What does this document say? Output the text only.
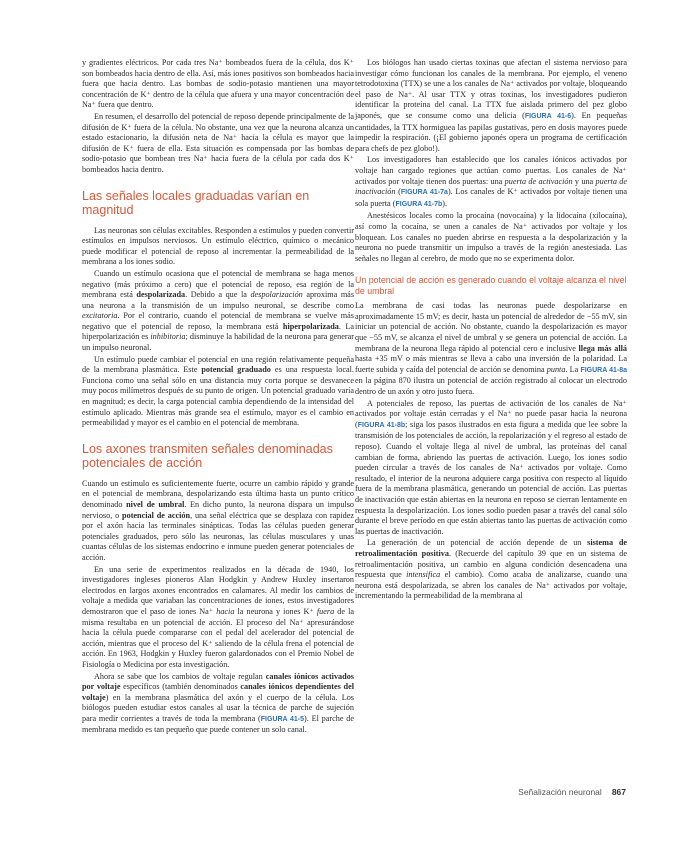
y gradientes eléctricos. Por cada tres Na⁺ bombeados fuera de la célula, dos K⁺ son bombeados hacia dentro de ella. Así, más iones positivos son bombeados hacia fuera que hacia dentro. Las bombas de sodio-potasio mantienen una mayor concentración de K⁺ dentro de la célula que afuera y una mayor concentración de Na⁺ fuera que dentro.

En resumen, el desarrollo del potencial de reposo depende principalmente de la difusión de K⁺ fuera de la célula. No obstante, una vez que la neurona alcanza un estado estacionario, la difusión neta de Na⁺ hacia la célula es mayor que la difusión de K⁺ fuera de ella. Esta situación es compensada por las bombas de sodio-potasio que bombean tres Na⁺ hacia fuera de la célula por cada dos K⁺ bombeados hacia dentro.

Las señales locales graduadas varían en magnitud

Las neuronas son células excitables. Responden a estímulos y pueden convertir estímulos en impulsos nerviosos. Un estímulo eléctrico, químico o mecánico puede modificar el potencial de reposo al incrementar la permeabilidad de la membrana a los iones sodio.

Cuando un estímulo ocasiona que el potencial de membrana se haga menos negativo (más próximo a cero) que el potencial de reposo, esa región de la membrana está despolarizada. Debido a que la despolarización aproxima más una neurona a la transmisión de un impulso neuronal, se describe como excitatoria. Por el contrario, cuando el potencial de membrana se vuelve más negativo que el potencial de reposo, la membrana está hiperpolarizada. La hiperpolarización es inhibitoria; disminuye la habilidad de la neurona para generar un impulso neuronal.

Un estímulo puede cambiar el potencial en una región relativamente pequeña de la membrana plasmática. Este potencial graduado es una respuesta local. Funciona como una señal sólo en una distancia muy corta porque se desvanece muy pocos milímetros después de su punto de origen. Un potencial graduado varía en magnitud; es decir, la carga potencial cambia dependiendo de la intensidad del estímulo aplicado. Mientras más grande sea el estímulo, mayor es el cambio en permeabilidad y mayor es el cambio en el potencial de membrana.

Los axones transmiten señales denominadas potenciales de acción

Cuando un estímulo es suficientemente fuerte, ocurre un cambio rápido y grande en el potencial de membrana, despolarizando esta última hasta un punto crítico denominado nivel de umbral. En dicho punto, la neurona dispara un impulso nervioso, o potencial de acción, una señal eléctrica que se desplaza con rapidez por el axón hacia las terminales sinápticas. Todas las células pueden generar potenciales graduados, pero sólo las neuronas, las células musculares y unas cuantas células de los sistemas endocrino e inmune pueden generar potenciales de acción.

En una serie de experimentos realizados en la década de 1940, los investigadores ingleses pioneros Alan Hodgkin y Andrew Huxley insertaron electrodos en largos axones encontrados en calamares. Al medir los cambios de voltaje a medida que variaban las concentraciones de iones, estos investigadores demostraron que el paso de iones Na⁺ hacia la neurona y iones K⁺ fuera de la misma resultaba en un potencial de acción. El proceso del Na⁺ apresurándose hacia la célula puede compararse con el pedal del acelerador del potencial de acción, mientras que el proceso del K⁺ saliendo de la célula frena el potencial de acción. En 1963, Hodgkin y Huxley fueron galardonados con el Premio Nobel de Fisiología o Medicina por esta investigación.

Ahora se sabe que los cambios de voltaje regulan canales iónicos activados por voltaje específicos (también denominados canales iónicos dependientes del voltaje) en la membrana plasmática del axón y el cuerpo de la célula. Los biólogos pueden estudiar estos canales al usar la técnica de parche de sujeción para medir corrientes a través de toda la membrana (FIGURA 41-5). El parche de membrana medido es tan pequeño que puede contener un solo canal.

Los biólogos han usado ciertas toxinas que afectan el sistema nervioso para investigar cómo funcionan los canales de la membrana. Por ejemplo, el veneno tetrodotoxina (TTX) se une a los canales de Na⁺ activados por voltaje, bloqueando el paso de Na⁺. Al usar TTX y otras toxinas, los investigadores pudieron identificar la proteína del canal. La TTX fue aislada primero del pez globo japonés, que se consume como una delicia (FIGURA 41-6). En pequeñas cantidades, la TTX hormiguea las papilas gustativas, pero en dosis mayores puede impedir la respiración. (¡El gobierno japonés opera un programa de certificación para chefs de pez globo!).

Los investigadores han establecido que los canales iónicos activados por voltaje han cargado regiones que actúan como puertas. Los canales de Na⁺ activados por voltaje tienen dos puertas: una puerta de activación y una puerta de inactivación (FIGURA 41-7a). Los canales de K⁺ activados por voltaje tienen una sola puerta (FIGURA 41-7b).

Anestésicos locales como la procaína (novocaína) y la lidocaína (xilocaína), así como la cocaína, se unen a canales de Na⁺ activados por voltaje y los bloquean. Los canales no pueden abrirse en respuesta a la despolarización y la neurona no puede transmitir un impulso a través de la región anestesiada. Las señales no llegan al cerebro, de modo que no se experimenta dolor.

Un potencial de acción es generado cuando el voltaje alcanza el nivel de umbral

La membrana de casi todas las neuronas puede despolarizarse en aproximadamente 15 mV; es decir, hasta un potencial de alrededor de −55 mV, sin iniciar un potencial de acción. No obstante, cuando la despolarización es mayor que −55 mV, se alcanza el nivel de umbral y se genera un potencial de acción. La membrana de la neurona llega rápido al potencial cero e inclusive llega más allá hasta +35 mV o más mientras se lleva a cabo una inversión de la polaridad. La fuerte subida y caída del potencial de acción se denomina punta. La FIGURA 41-8a en la página 870 ilustra un potencial de acción registrado al colocar un electrodo dentro de un axón y otro justo fuera.

A potenciales de reposo, las puertas de activación de los canales de Na⁺ activados por voltaje están cerradas y el Na⁺ no puede pasar hacia la neurona (FIGURA 41-8b; siga los pasos ilustrados en esta figura a medida que lee sobre la transmisión de los potenciales de acción, la repolarización y el regreso al estado de reposo). Cuando el voltaje llega al nivel de umbral, las proteínas del canal cambian de forma, abriendo las puertas de activación. Luego, los iones sodio pueden circular a través de los canales de Na⁺ activados por voltaje. Como resultado, el interior de la neurona adquiere carga positiva con respecto al líquido fuera de la membrana plasmática, generando un potencial de acción. Las puertas de inactivación que están abiertas en la neurona en reposo se cierran lentamente en respuesta la despolarización. Los iones sodio pueden pasar a través del canal sólo durante el breve período en que están abiertas tanto las puertas de activación como las puertas de inactivación.

La generación de un potencial de acción depende de un sistema de retroalimentación positiva. (Recuerde del capítulo 39 que en un sistema de retroalimentación positiva, un cambio en alguna condición desencadena una respuesta que intensifica el cambio). Como acaba de analizarse, cuando una neurona está despolarizada, se abren los canales de Na⁺ activados por voltaje, incrementando la permeabilidad de la membrana al

Señalización neuronal 867
